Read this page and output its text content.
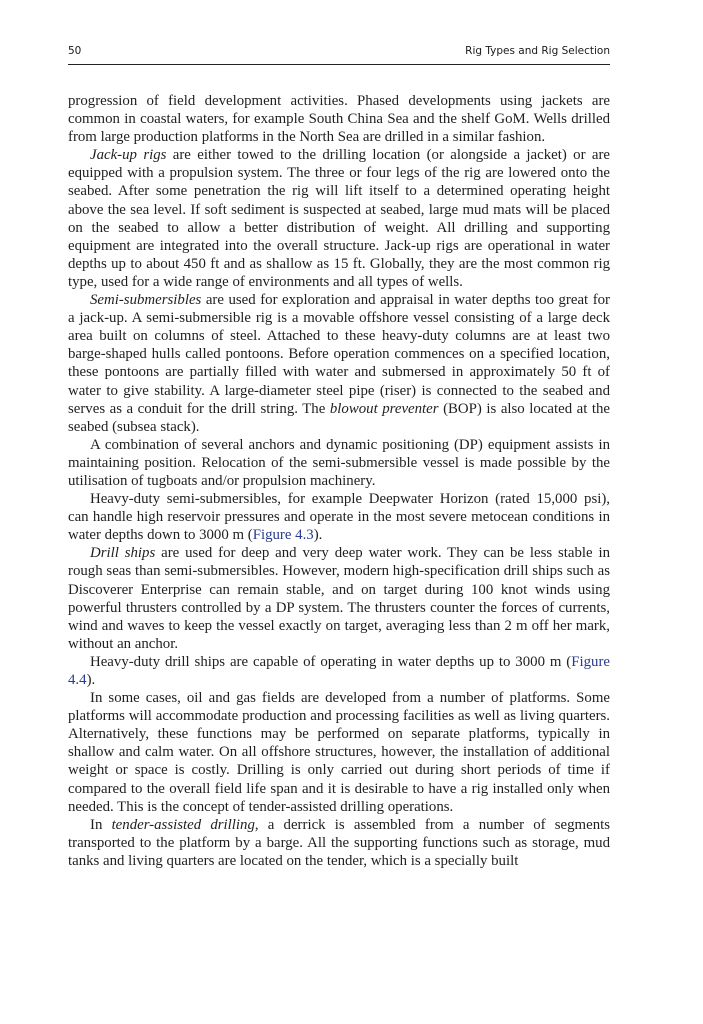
50	Rig Types and Rig Selection

progression of field development activities. Phased developments using jackets are common in coastal waters, for example South China Sea and the shelf GoM. Wells drilled from large production platforms in the North Sea are drilled in a similar fashion.

Jack-up rigs are either towed to the drilling location (or alongside a jacket) or are equipped with a propulsion system. The three or four legs of the rig are lowered onto the seabed. After some penetration the rig will lift itself to a determined operating height above the sea level. If soft sediment is suspected at seabed, large mud mats will be placed on the seabed to allow a better distribution of weight. All drilling and supporting equipment are integrated into the overall structure. Jack-up rigs are operational in water depths up to about 450 ft and as shallow as 15 ft. Globally, they are the most common rig type, used for a wide range of environments and all types of wells.

Semi-submersibles are used for exploration and appraisal in water depths too great for a jack-up. A semi-submersible rig is a movable offshore vessel consisting of a large deck area built on columns of steel. Attached to these heavy-duty columns are at least two barge-shaped hulls called pontoons. Before operation commences on a specified location, these pontoons are partially filled with water and submersed in approximately 50 ft of water to give stability. A large-diameter steel pipe (riser) is connected to the seabed and serves as a conduit for the drill string. The blowout preventer (BOP) is also located at the seabed (subsea stack).

A combination of several anchors and dynamic positioning (DP) equipment assists in maintaining position. Relocation of the semi-submersible vessel is made possible by the utilisation of tugboats and/or propulsion machinery.

Heavy-duty semi-submersibles, for example Deepwater Horizon (rated 15,000 psi), can handle high reservoir pressures and operate in the most severe metocean conditions in water depths down to 3000 m (Figure 4.3).

Drill ships are used for deep and very deep water work. They can be less stable in rough seas than semi-submersibles. However, modern high-specification drill ships such as Discoverer Enterprise can remain stable, and on target during 100 knot winds using powerful thrusters controlled by a DP system. The thrusters counter the forces of currents, wind and waves to keep the vessel exactly on target, averaging less than 2 m off her mark, without an anchor.

Heavy-duty drill ships are capable of operating in water depths up to 3000 m (Figure 4.4).

In some cases, oil and gas fields are developed from a number of platforms. Some platforms will accommodate production and processing facilities as well as living quarters. Alternatively, these functions may be performed on separate platforms, typically in shallow and calm water. On all offshore structures, however, the installation of additional weight or space is costly. Drilling is only carried out during short periods of time if compared to the overall field life span and it is desirable to have a rig installed only when needed. This is the concept of tender-assisted drilling operations.

In tender-assisted drilling, a derrick is assembled from a number of segments transported to the platform by a barge. All the supporting functions such as storage, mud tanks and living quarters are located on the tender, which is a specially built
